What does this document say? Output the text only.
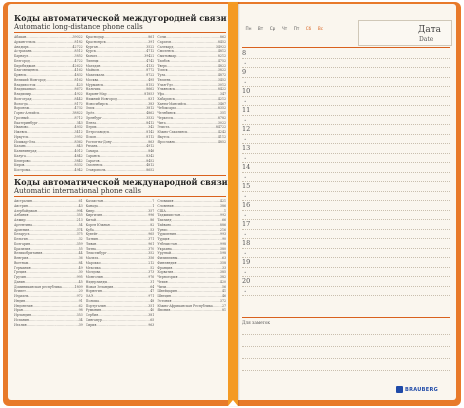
Коды автоматической междугородней связи
Automatic long-distance phone calls
Абакан .....	39022
Архангельск .....	8182
Анадырь .....	42722
Астрахань .....	8512
Барнаул .....	3852
Белгород .....	4722
Биробиджан .....	42622
Благовещенск .....	4162
Брянск .....	4832
Великий Новгород .....	8162
Владивосток .....	423
Владикавказ .....	8672
Владимир .....	4922
Волгоград .....	8442
Вологда .....	8172
Воронеж .....	4732
Горно-Алтайск .....	38822
Грозный .....	8712
Екатеринбург .....	343
Иваново .....	4932
Ижевск .....	3412
Иркутск .....	3952
Йошкар-Ола .....	8362
Казань .....	843
Калининград .....	4012
Калуга .....	4842
Кемерово .....	3842
Киров .....	8332
Кострома .....	4942
Краснодар .....	861
Красноярск .....	391
Курган .....	3522
Курск .....	4712
Кызыл .....	39422
Липецк .....	4742
Магадан .....	4132
Майкоп .....	8772
Махачкала .....	8722
Москва .....	495
Мурманск .....	8152
Нальчик .....	8662
Нарьян-Мар .....	81853
Нижний Новгород .....	831
Новосибирск .....	383
Омск .....	3812
Орёл .....	4862
Оренбург .....	3532
Пенза .....	8412
Пермь .....	342
Петрозаводск .....	8142
Псков .....	8112
Ростов-на-Дону .....	863
Рязань .....	4912
Самара .....	846
Саранск .....	8342
Саратов .....	8452
Смоленск .....	4812
Ставрополь .....	8652
Сочи .....	862
Саратов .....	8452
Салехард .....	34922
Смоленск .....	4812
Сыктывкар .....	8212
Тамбов .....	4752
Тверь .....	4822
Томск .....	3822
Тула .....	4872
Тюмень .....	3452
Улан-Удэ .....	3012
Ульяновск .....	8422
Уфа .....	347
Хабаровск .....	4212
Ханты-Мансийск .....	3467
Чебоксары .....	8352
Челябинск .....	351
Черкесск .....	8782
Чита .....	3022
Элиста .....	84722
Южно-Сахалинск .....	4242
Якутск .....	4112
Ярославль .....	4852
Коды автоматической международной связи
Automatic international phone calls
Австралия .....	61
Австрия .....	43
Азербайджан .....	994
Албания .....	355
Алжир .....	213
Аргентина .....	54
Армения .....	374
Беларусь .....	375
Бельгия .....	32
Болгария .....	359
Бразилия .....	55
Великобритания .....	44
Венгрия .....	36
Вьетнам .....	84
Германия .....	49
Греция .....	30
Грузия .....	995
Дания .....	45
Доминиканская республика .....	1809
Египет .....	20
Израиль .....	972
Индия .....	91
Индонезия .....	62
Иран .....	98
Ирландия .....	353
Испания .....	34
Италия .....	39
Казахстан .....	7
Канада .....	1
Кипр .....	357
Киргизия .....	996
Китай .....	86
Корея Южная .....	82
Куба .....	53
Кувейт .....	965
Латвия .....	371
Ливан .....	961
Литва .....	370
Люксембург .....	352
Мальта .....	356
Марокко .....	212
Мексика .....	52
Молдова .....	373
Монголия .....	976
Нидерланды .....	31
Новая Зеландия .....	64
Норвегия .....	47
ОАЭ .....	971
Польша .....	48
Португалия .....	351
Румыния .....	40
Сербия .....	381
Сингапур .....	65
Сирия .....	963
Словакия .....	421
Словения .....	386
США .....	1
Таджикистан .....	992
Таиланд .....	66
Тайвань .....	886
Тунис .....	216
Туркмения .....	993
Турция .....	90
Узбекистан .....	998
Украина .....	380
Уругвай .....	598
Филиппины .....	63
Финляндия .....	358
Франция .....	33
Хорватия .....	385
Черногория .....	382
Чехия .....	420
Чили .....	56
Швейцария .....	41
Швеция .....	46
Эстония .....	372
Южно-Африканская Республика .....	27
Япония .....	81
Пн	Вт	Ср	Чт	Пт	Сб	Вс	Дата
Date
8
•
9
•
10
•
11
•
12
•
13
•
14
•
15
•
16
•
17
•
18
•
19
•
20
•
Для заметок
BRAUBERG
